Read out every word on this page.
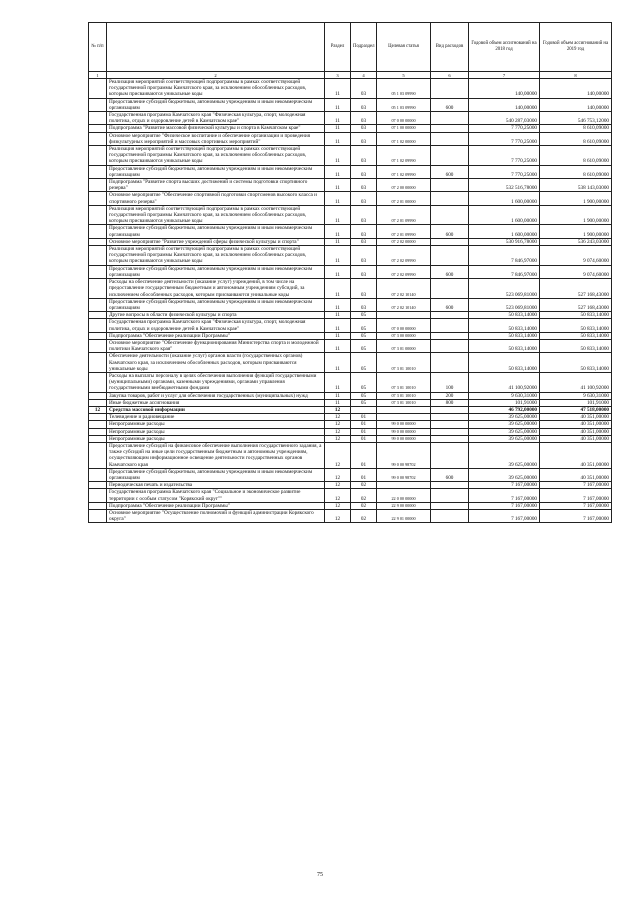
№ п/п		Раздел	Подраздел	Целевая статья	Вид расходов	Годовой объем ассигнований на 2018 год	Годовой объем ассигнований на 2019 год
1	2	3	4	5	6	7	8
	Реализация мероприятий соответствующей подпрограммы в рамках соответствующей государственной программы Камчатского края, за исключением обособленных расходов, которым присваиваются уникальные коды	11	03	05 1 03 09990		140,00000	140,00000
	Предоставление субсидий бюджетным, автономным учреждениям и иным некоммерческим организациям	11	03	05 1 03 09990	600	140,00000	140,00000
	Государственная программа Камчатского края "Физическая культура, спорт, молодежная политика, отдых и оздоровление детей в Камчатском крае"	11	03	07 0 00 00000		540 287,03000	546 753,12000
	Подпрограмма "Развитие массовой физической культуры и спорта в Камчатском крае"	11	03	07 1 00 00000		7 770,25000	8 610,09000
	Основное мероприятие "Физическое воспитание и обеспечение организации и проведения физкультурных мероприятий и массовых спортивных мероприятий"	11	03	07 1 02 00000		7 770,25000	8 610,09000
	Реализация мероприятий соответствующей подпрограммы в рамках соответствующей государственной программы Камчатского края, за исключением обособленных расходов, которым присваиваются уникальные коды	11	03	07 1 02 09990		7 770,25000	8 610,09000
	Предоставление субсидий бюджетным, автономным учреждениям и иным некоммерческим организациям	11	03	07 1 02 09990	600	7 770,25000	8 610,09000
	Подпрограмма "Развитие спорта высших достижений и системы подготовки спортивного резерва"	11	03	07 2 00 00000		532 516,78000	538 143,03000
	Основное мероприятие "Обеспечение спортивной подготовки спортсменов высокого класса и спортивного резерва"	11	03	07 2 01 00000		1 600,00000	1 900,00000
	Реализация мероприятий соответствующей подпрограммы в рамках соответствующей государственной программы Камчатского края, за исключением обособленных расходов, которым присваиваются уникальные коды	11	03	07 2 01 09990		1 600,00000	1 900,00000
	Предоставление субсидий бюджетным, автономным учреждениям и иным некоммерческим организациям	11	03	07 2 01 09990	600	1 600,00000	1 900,00000
	Основное мероприятие "Развитие учреждений сферы физической культуры и спорта"	11	03	07 2 02 00000		530 916,78000	536 243,03000
	Реализация мероприятий соответствующей подпрограммы в рамках соответствующей государственной программы Камчатского края, за исключением обособленных расходов, которым присваиваются уникальные коды	11	03	07 2 02 09990		7 846,97000	9 074,60000
	Предоставление субсидий бюджетным, автономным учреждениям и иным некоммерческим организациям	11	03	07 2 02 09990	600	7 846,97000	9 074,60000
	Расходы на обеспечение деятельности (оказание услуг) учреждений, в том числе на предоставление государственным бюджетным и автономным учреждениям субсидий, за исключением обособленных расходов, которым присваиваются уникальные коды	11	03	07 2 02 10140		523 069,81000	527 168,43000
	Предоставление субсидий бюджетным, автономным учреждениям и иным некоммерческим организациям	11	03	07 2 02 10140	600	523 069,81000	527 168,43000
	Другие вопросы в области физической культуры и спорта	11	05			50 833,14000	50 833,14000
	Государственная программа Камчатского края "Физическая культура, спорт, молодежная политика, отдых и оздоровление детей в Камчатском крае"	11	05	07 0 00 00000		50 833,14000	50 833,14000
	Подпрограмма "Обеспечение реализации Программы"	11	05	07 3 00 00000		50 833,14000	50 833,14000
	Основное мероприятие "Обеспечение функционирования Министерства спорта и молодежной политики Камчатского края"	11	05	07 3 01 00000		50 833,14000	50 833,14000
	Обеспечение деятельности (оказание услуг) органов власти (государственных органов) Камчатского края, за исключением обособленных расходов, которым присваиваются уникальные коды	11	05	07 3 01 10010		50 833,14000	50 833,14000
	Расходы на выплаты персоналу в целях обеспечения выполнения функций государственными (муниципальными) органами, казенными учреждениями, органами управления государственными внебюджетными фондами	11	05	07 3 01 10010	100	41 100,92000	41 100,92000
	Закупка товаров, работ и услуг для обеспечения государственных (муниципальных) нужд	11	05	07 3 01 10010	200	9 630,31000	9 630,31000
	Иные бюджетные ассигнования	11	05	07 3 01 10010	800	101,91000	101,91000
12	Средства массовой информации	12				46 792,00000	47 518,00000
	Телевидение и радиовещание	12	01			39 625,00000	40 351,00000
	Непрограммные расходы	12	01	99 0 00 00000		39 625,00000	40 351,00000
	Непрограммные расходы	12	01	99 0 00 00000		39 625,00000	40 351,00000
	Непрограммные расходы	12	01	99 0 00 00000		39 625,00000	40 351,00000
	Предоставление субсидий на финансовое обеспечение выполнения государственного задания, а также субсидий на иные цели государственным бюджетным и автономным учреждениям, осуществляющим информационное освещение деятельности государственных органов Камчатского края	12	01	99 0 00 98702		39 625,00000	40 351,00000
	Предоставление субсидий бюджетным, автономным учреждениям и иным некоммерческим организациям	12	01	99 0 00 98702	600	39 625,00000	40 351,00000
	Периодическая печать и издательства	12	02			7 167,00000	7 167,00000
	Государственная программа Камчатского края "Социальное и экономическое развитие территории с особым статусом "Корякский округ""	12	02	22 0 00 00000		7 167,00000	7 167,00000
	Подпрограмма "Обеспечение реализации Программы"	12	02	22 9 00 00000		7 167,00000	7 167,00000
	Основное мероприятие "Осуществление полномочий и функций администрации Корякского округа"	12	02	22 9 01 00000		7 167,00000	7 167,00000
75
